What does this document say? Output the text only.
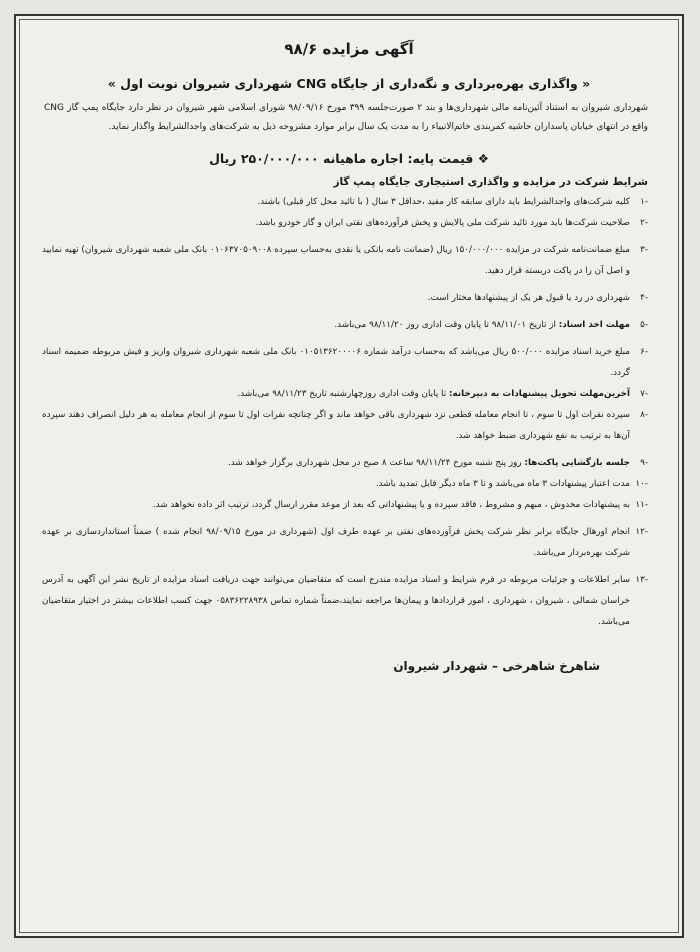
آگهی مزایده ۹۸/۶
« واگذاری بهره‌برداری و نگه‌داری از جایگاه CNG شهرداری شیروان نوبت اول »
شهرداری شیروان به استناد آئین‌نامه مالی شهرداری‌ها و بند ۲ صورت‌جلسه ۳۹۹ مورخ ۹۸/۰۹/۱۶ شورای اسلامی شهر شیروان در نظر دارد جایگاه پمپ گاز CNG واقع در انتهای خیابان پاسداران حاشیه کمربندی خاتم‌الانبیاء را به مدت یک سال برابر موارد مشروحه ذیل به شرکت‌های واجدالشرایط واگذار نماید.
❖ قیمت پایه: اجاره ماهیانه ۲۵۰/۰۰۰/۰۰۰ ریال
شرایط شرکت در مزایده و واگذاری استیجاری جایگاه پمپ گاز
-۱
کلیه شرکت‌های واجدالشرایط باید دارای سابقه کار مفید ،حداقل ۳ سال ( با تائید محل کار قبلی) باشند.
-۲
صلاحیت شرکت‌ها باید مورد تائید شرکت ملی پالایش و پخش فرآورده‌های نفتی ایران و گاز خودرو باشد.
-۳
مبلغ ضمانت‌نامه شرکت در مزایده ۱۵۰/۰۰۰/۰۰۰ ریال (ضمانت نامه بانکی یا نقدی به‌حساب سپرده ۰۱۰۶۳۷۰۵۰۹۰۰۸ بانک ملی شعبه شهرداری شیروان) تهیه نمایید و اصل آن را در پاکت دربسته قرار دهید.
-۴
شهرداری در رد یا قبول هر یک از پیشنهادها مختار است.
-۵
مهلت اخذ اسناد: از تاریخ ۹۸/۱۱/۰۱ تا پایان وقت اداری روز ۹۸/۱۱/۲۰ می‌باشد.
-۶
مبلغ خرید اسناد مزایده ۵۰۰/۰۰۰ ریال می‌باشد که به‌حساب درآمد شماره ۰۱۰۵۱۳۶۲۰۰۰۰۶ بانک ملی شعبه شهرداری شیروان واریز و فیش مربوطه ضمیمه اسناد گردد.
-۷
آخرین‌مهلت تحویل پیشنهادات به دبیرخانه: تا پایان وقت اداری روزچهارشنبه تاریخ ۹۸/۱۱/۲۳ می‌باشد.
-۸
سپرده نفرات اول تا سوم ، تا انجام معامله قطعی نزد شهرداری باقی خواهد ماند و اگر چنانچه نفرات اول تا سوم از انجام معامله به هر دلیل انصراف دهند سپرده آن‌ها به ترتیب به نفع شهرداری ضبط خواهد شد.
-۹
جلسه بازگشایی پاکت‌ها: روز پنج شنبه مورخ ۹۸/۱۱/۲۴ ساعت ۸ صبح در محل شهرداری برگزار خواهد شد.
-۱۰
مدت اعتبار پیشنهادات ۳ ماه می‌باشد و تا ۳ ماه دیگر قابل تمدید باشد.
-۱۱
به پیشنهادات مخدوش ، مبهم و مشروط ، فاقد سپرده و یا پیشنهاداتی که بعد از موعد مقرر ارسال گردد، ترتیب اثر داده نخواهد شد.
-۱۲
انجام اورهال جایگاه برابر نظر شرکت پخش فرآورده‌های نفتی بر عهده طرف اول (شهرداری در مورخ ۹۸/۰۹/۱۵ انجام شده ) ضمناً استانداردسازی بر عهده شرکت بهره‌بردار می‌باشد.
-۱۳
سایر اطلاعات و جزئیات مربوطه در فرم شرایط و اسناد مزایده مندرج است که متقاضیان می‌توانند جهت دریافت اسناد مزایده از تاریخ نشر این آگهی به آدرس خراسان شمالی ، شیروان ، شهرداری ، امور قراردادها و پیمان‌ها مراجعه نمایند،ضمناً شماره تماس ۰۵۸۳۶۲۲۸۹۳۸ جهت کسب اطلاعات بیشتر در اختیار متقاضیان می‌باشد.
شاهرخ شاهرخی – شهردار شیروان
